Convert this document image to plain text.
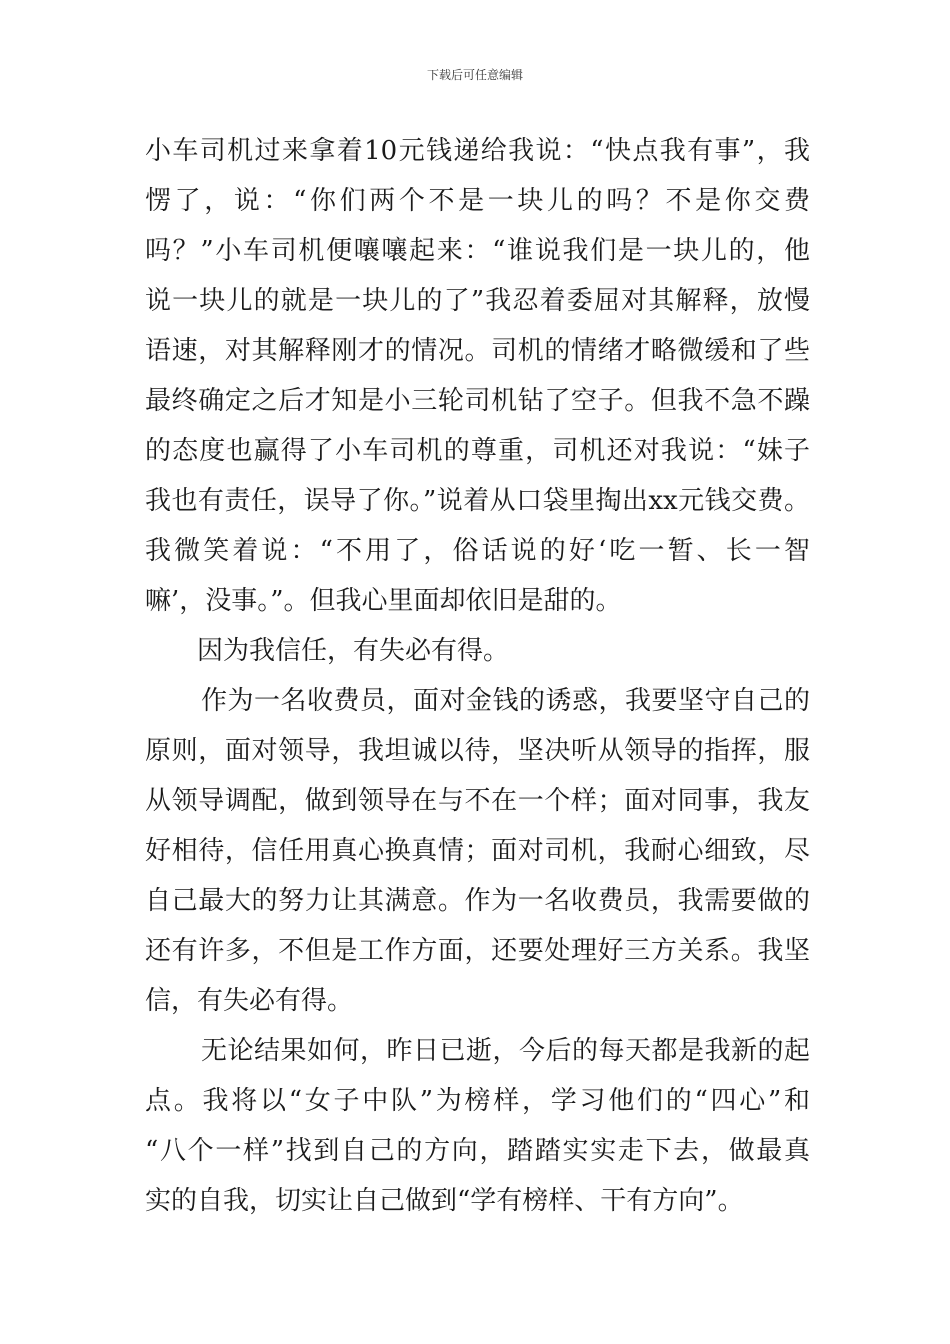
下载后可任意编辑
小车司机过来拿着10元钱递给我说：“快点我有事”，我
愣了，说：“你们两个不是一块儿的吗？不是你交费
吗？”小车司机便嚷嚷起来：“谁说我们是一块儿的，他
说一块儿的就是一块儿的了”我忍着委屈对其解释，放慢
语速，对其解释刚才的情况。司机的情绪才略微缓和了些
最终确定之后才知是小三轮司机钻了空子。但我不急不躁
的态度也赢得了小车司机的尊重，司机还对我说：“妹子
我也有责任，误导了你。”说着从口袋里掏出xx元钱交费。
我微笑着说：“不用了，俗话说的好‘吃一暂、长一智
嘛’，没事。”。但我心里面却依旧是甜的。
因为我信任，有失必有得。
作为一名收费员，面对金钱的诱惑，我要坚守自己的
原则，面对领导，我坦诚以待，坚决听从领导的指挥，服
从领导调配，做到领导在与不在一个样；面对同事，我友
好相待，信任用真心换真情；面对司机，我耐心细致，尽
自己最大的努力让其满意。作为一名收费员，我需要做的
还有许多，不但是工作方面，还要处理好三方关系。我坚
信，有失必有得。
无论结果如何，昨日已逝，今后的每天都是我新的起
点。我将以“女子中队”为榜样，学习他们的“四心”和
“八个一样”找到自己的方向，踏踏实实走下去，做最真
实的自我，切实让自己做到“学有榜样、干有方向”。
